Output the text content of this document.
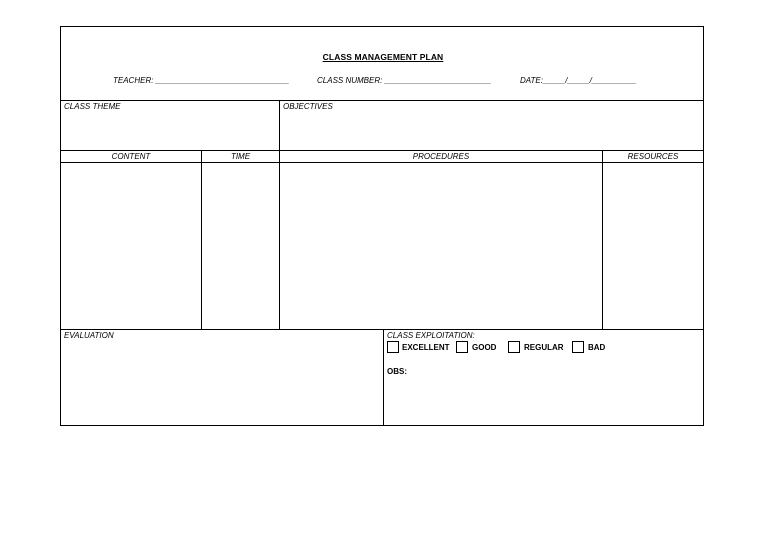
CLASS MANAGEMENT PLAN
TEACHER: ______________________________	CLASS NUMBER: ________________________	DATE:_____/_____/__________
CLASS THEME	OBJECTIVES
CONTENT	TIME	PROCEDURES	RESOURCES
EVALUATION	CLASS EXPLOITATION:
EXCELLENT	GOOD	REGULAR	BAD
OBS:
